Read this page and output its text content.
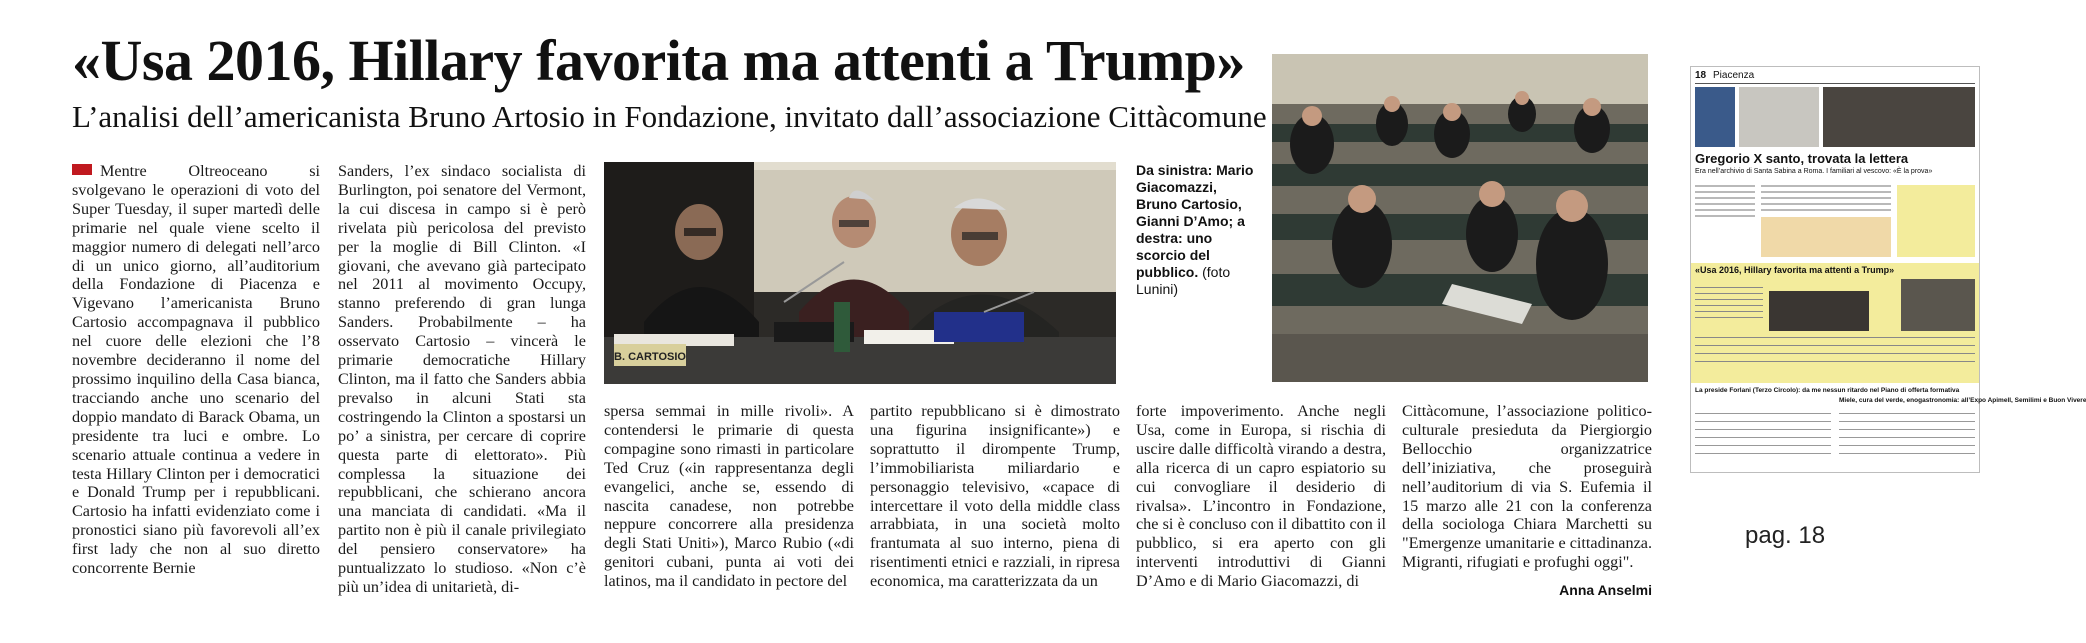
«Usa 2016, Hillary favorita ma attenti a Trump»
L’analisi dell’americanista Bruno Artosio in Fondazione, invitato dall’associazione Cittàcomune
Mentre Oltreoceano si svolgevano le operazioni di voto del Super Tuesday, il super martedì delle primarie nel quale viene scelto il maggior numero di delegati nell’arco di un unico giorno, all’auditorium della Fondazione di Piacenza e Vigevano l’americanista Bruno Cartosio accompagnava il pubblico nel cuore delle elezioni che l’8 novembre decideranno il nome del prossimo inquilino della Casa bianca, tracciando anche uno scenario del doppio mandato di Barack Obama, un presidente tra luci e ombre. Lo scenario attuale continua a vedere in testa Hillary Clinton per i democratici e Donald Trump per i repubblicani. Cartosio ha infatti evidenziato come i pronostici siano più favorevoli all’ex first lady che non al suo diretto concorrente Bernie
Sanders, l’ex sindaco socialista di Burlington, poi senatore del Vermont, la cui discesa in campo si è però rivelata più pericolosa del previsto per la moglie di Bill Clinton. «I giovani, che avevano già partecipato nel 2011 al movimento Occupy, stanno preferendo di gran lunga Sanders. Probabilmente – ha osservato Cartosio – vincerà le primarie democratiche Hillary Clinton, ma il fatto che Sanders abbia prevalso in alcuni Stati sta costringendo la Clinton a spostarsi un po’ a sinistra, per cercare di coprire questa parte di elettorato». Più complessa la situazione dei repubblicani, che schierano ancora una manciata di candidati. «Ma il partito non è più il canale privilegiato del pensiero conservatore» ha puntualizzato lo studioso. «Non c’è più un’idea di unitarietà, di-
B. CARTOSIO
Da sinistra: Mario Giacomazzi, Bruno Cartosio, Gianni D’Amo; a destra: uno scorcio del pubblico. (foto Lunini)
spersa semmai in mille rivoli». A contendersi le primarie di questa compagine sono rimasti in particolare Ted Cruz («in rappresentanza degli evangelici, anche se, essendo di nascita canadese, non potrebbe neppure concorrere alla presidenza degli Stati Uniti»), Marco Rubio («di genitori cubani, punta ai voti dei latinos, ma il candidato in pectore del
partito repubblicano si è dimostrato una figurina insignificante») e soprattutto il dirompente Trump, l’immobiliarista miliardario e personaggio televisivo, «capace di intercettare il voto della middle class arrabbiata, in una società molto frantumata al suo interno, piena di risentimenti etnici e razziali, in ripresa economica, ma caratterizzata da un
forte impoverimento. Anche negli Usa, come in Europa, si rischia di uscire dalle difficoltà virando a destra, alla ricerca di un capro espiatorio su cui convogliare il desiderio di rivalsa». L’incontro in Fondazione, che si è concluso con il dibattito con il pubblico, si era aperto con gli interventi introduttivi di Gianni D’Amo e di Mario Giacomazzi, di
Cittàcomune, l’associazione politico-culturale presieduta da Piergiorgio Bellocchio organizzatrice dell’iniziativa, che proseguirà nell’auditorium di via S. Eufemia il 15 marzo alle 21 con la conferenza della sociologa Chiara Marchetti su "Emergenze umanitarie e cittadinanza. Migranti, rifugiati e profughi oggi".
Anna Anselmi
18 Piacenza
Gregorio X santo, trovata la lettera
Era nell’archivio di Santa Sabina a Roma. I familiari al vescovo: «È la prova»
«Usa 2016, Hillary favorita ma attenti a Trump»
La preside Forlani (Terzo Circolo): da me nessun ritardo nel Piano di offerta formativa
Miele, cura del verde, enogastronomia: all’Expo Apimell, Semilimi e Buon Vivere
pag. 18
